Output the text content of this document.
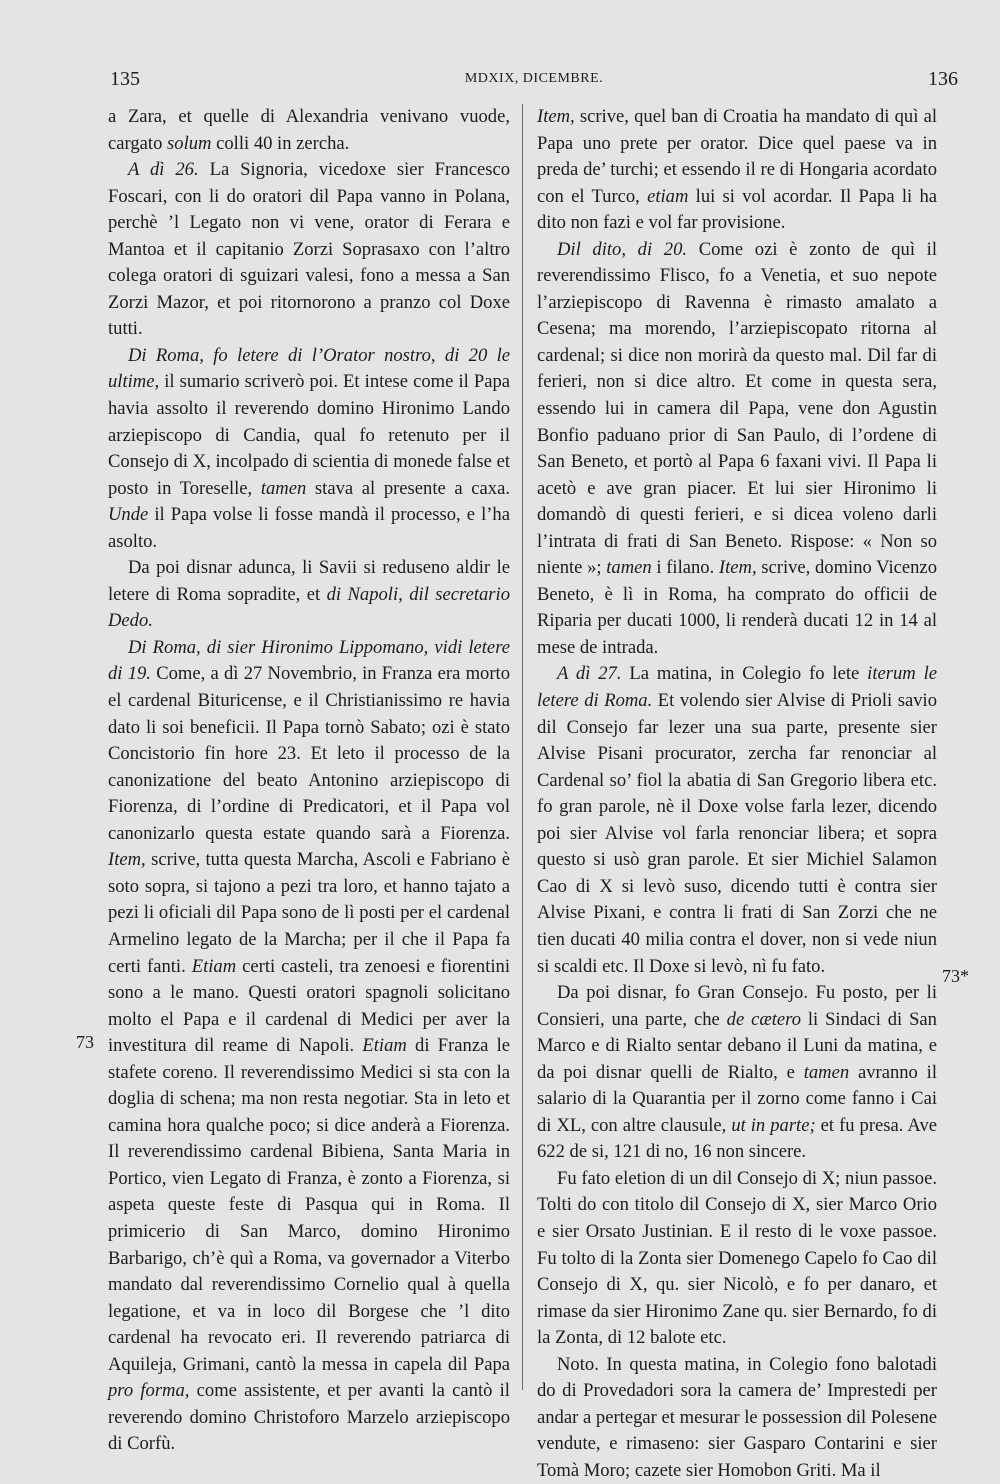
135	MDXIX, DICEMBRE.	136

a Zara, et quelle di Alexandria venivano vuode, cargato solum colli 40 in zercha.

A dì 26. La Signoria, vicedoxe sier Francesco Foscari, con li do oratori dil Papa vanno in Polana, perchè ’l Legato non vi vene, orator di Ferara e Mantoa et il capitanio Zorzi Soprasaxo con l’altro colega oratori di sguizari valesi, fono a messa a San Zorzi Mazor, et poi ritornorono a pranzo col Doxe tutti.

Di Roma, fo letere di l’Orator nostro, di 20 le ultime, il sumario scriverò poi. Et intese come il Papa havia assolto il reverendo domino Hironimo Lando arziepiscopo di Candia, qual fo retenuto per il Consejo di X, incolpado di scientia di monede false et posto in Toreselle, tamen stava al presente a caxa. Unde il Papa volse li fosse mandà il processo, e l’ha asolto.

Da poi disnar adunca, li Savii si reduseno aldir le letere di Roma sopradite, et di Napoli, dil secretario Dedo.

Di Roma, di sier Hironimo Lippomano, vidi letere di 19. Come, a dì 27 Novembrio, in Franza era morto el cardenal Bituricense, e il Christianissimo re havia dato li soi beneficii. Il Papa tornò Sabato; ozi è stato Concistorio fin hore 23. Et leto il processo de la canonizatione del beato Antonino arziepiscopo di Fiorenza, di l’ordine di Predicatori, et il Papa vol canonizarlo questa estate quando sarà a Fiorenza. Item, scrive, tutta questa Marcha, Ascoli e Fabriano è soto sopra, si tajono a pezi tra loro, et hanno tajato a pezi li oficiali dil Papa sono de lì posti per el cardenal Armelino legato de la Marcha; per il che il Papa fa certi fanti. Etiam certi casteli, tra zenoesi e fiorentini sono a le mano. Questi oratori spagnoli solicitano molto el Papa e il cardenal di Medici per aver la investitura dil reame di Napoli. Etiam di Franza le stafete coreno. Il reverendissimo Medici si sta con la doglia di schena; ma non resta negotiar. Sta in leto et camina hora qualche poco; si dice anderà a Fiorenza. Il reverendissimo cardenal Bibiena, Santa Maria in Portico, vien Legato di Franza, è zonto a Fiorenza, si aspeta queste feste di Pasqua qui in Roma. Il primicerio di San Marco, domino Hironimo Barbarigo, ch’è quì a Roma, va governador a Viterbo mandato dal reverendissimo Cornelio qual à quella legatione, et va in loco dil Borgese che ’l dito cardenal ha revocato eri. Il reverendo patriarca di Aquileja, Grimani, cantò la messa in capela dil Papa pro forma, come assistente, et per avanti la cantò il reverendo domino Christoforo Marzelo arziepiscopo di Corfù.

Item, scrive, quel ban di Croatia ha mandato di quì al Papa uno prete per orator. Dice quel paese va in preda de’ turchi; et essendo il re di Hongaria acordato con el Turco, etiam lui si vol acordar. Il Papa li ha dito non fazi e vol far provisione.

Dil dito, di 20. Come ozi è zonto de quì il reverendissimo Flisco, fo a Venetia, et suo nepote l’arziepiscopo di Ravenna è rimasto amalato a Cesena; ma morendo, l’arziepiscopato ritorna al cardenal; si dice non morirà da questo mal. Dil far di ferieri, non si dice altro. Et come in questa sera, essendo lui in camera dil Papa, vene don Agustin Bonfio paduano prior di San Paulo, di l’ordene di San Beneto, et portò al Papa 6 faxani vivi. Il Papa li acetò e ave gran piacer. Et lui sier Hironimo li domandò di questi ferieri, e si dicea voleno darli l’intrata di frati di San Beneto. Rispose: « Non so niente »; tamen i filano. Item, scrive, domino Vicenzo Beneto, è lì in Roma, ha comprato do officii de Riparia per ducati 1000, li renderà ducati 12 in 14 al mese de intrada.

A dì 27. La matina, in Colegio fo lete iterum le letere di Roma. Et volendo sier Alvise di Prioli savio dil Consejo far lezer una sua parte, presente sier Alvise Pisani procurator, zercha far renonciar al Cardenal so’ fiol la abatia di San Gregorio libera etc. fo gran parole, nè il Doxe volse farla lezer, dicendo poi sier Alvise vol farla renonciar libera; et sopra questo si usò gran parole. Et sier Michiel Salamon Cao di X si levò suso, dicendo tutti è contra sier Alvise Pixani, e contra li frati di San Zorzi che ne tien ducati 40 milia contra el dover, non si vede niun si scaldi etc. Il Doxe si levò, nì fu fato.

Da poi disnar, fo Gran Consejo. Fu posto, per li Consieri, una parte, che de cætero li Sindaci di San Marco e di Rialto sentar debano il Luni da matina, e da poi disnar quelli de Rialto, e tamen avranno il salario di la Quarantia per il zorno come fanno i Cai di XL, con altre clausule, ut in parte; et fu presa. Ave 622 de si, 121 di no, 16 non sincere.

Fu fato eletion di un dil Consejo di X; niun passoe. Tolti do con titolo dil Consejo di X, sier Marco Orio e sier Orsato Justinian. E il resto di le voxe passoe. Fu tolto di la Zonta sier Domenego Capelo fo Cao dil Consejo di X, qu. sier Nicolò, e fo per danaro, et rimase da sier Hironimo Zane qu. sier Bernardo, fo di la Zonta, di 12 balote etc.

Noto. In questa matina, in Colegio fono balotadi do di Provedadori sora la camera de’ Imprestedi per andar a pertegar et mesurar le possession dil Polesene vendute, e rimaseno: sier Gasparo Contarini e sier Tomà Moro; cazete sier Homobon Griti. Ma il

73
73*
